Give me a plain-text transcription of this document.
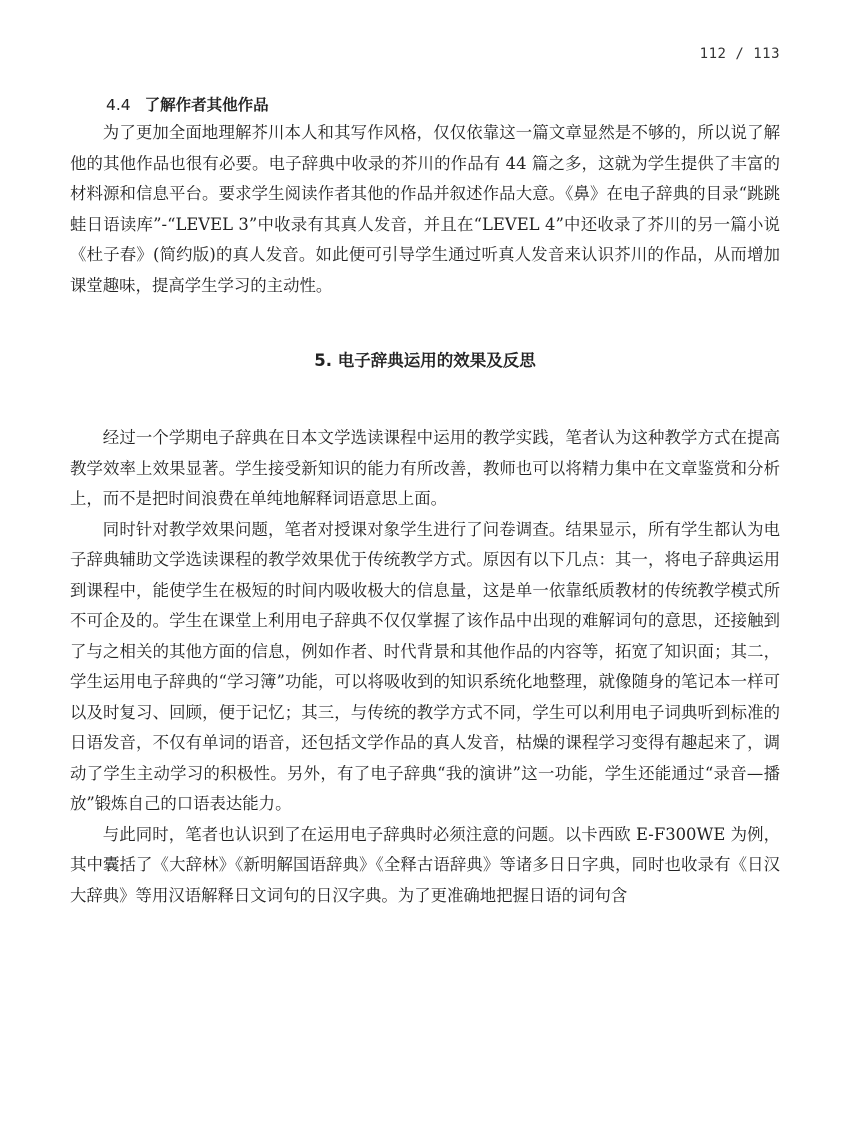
112 / 113
4.4 了解作者其他作品

为了更加全面地理解芥川本人和其写作风格，仅仅依靠这一篇文章显然是不够的，所以说了解他的其他作品也很有必要。电子辞典中收录的芥川的作品有 44 篇之多，这就为学生提供了丰富的材料源和信息平台。要求学生阅读作者其他的作品并叙述作品大意。《鼻》在电子辞典的目录“跳跳蛙日语读库”-“LEVEL 3”中收录有其真人发音，并且在“LEVEL 4”中还收录了芥川的另一篇小说《杜子春》(简约版)的真人发音。如此便可引导学生通过听真人发音来认识芥川的作品，从而增加课堂趣味，提高学生学习的主动性。

5. 电子辞典运用的效果及反思

经过一个学期电子辞典在日本文学选读课程中运用的教学实践，笔者认为这种教学方式在提高教学效率上效果显著。学生接受新知识的能力有所改善，教师也可以将精力集中在文章鉴赏和分析上，而不是把时间浪费在单纯地解释词语意思上面。

同时针对教学效果问题，笔者对授课对象学生进行了问卷调查。结果显示，所有学生都认为电子辞典辅助文学选读课程的教学效果优于传统教学方式。原因有以下几点：其一，将电子辞典运用到课程中，能使学生在极短的时间内吸收极大的信息量，这是单一依靠纸质教材的传统教学模式所不可企及的。学生在课堂上利用电子辞典不仅仅掌握了该作品中出现的难解词句的意思，还接触到了与之相关的其他方面的信息，例如作者、时代背景和其他作品的内容等，拓宽了知识面；其二，学生运用电子辞典的“学习簿”功能，可以将吸收到的知识系统化地整理，就像随身的笔记本一样可以及时复习、回顾，便于记忆；其三，与传统的教学方式不同，学生可以利用电子词典听到标准的日语发音，不仅有单词的语音，还包括文学作品的真人发音，枯燥的课程学习变得有趣起来了，调动了学生主动学习的积极性。另外，有了电子辞典“我的演讲”这一功能，学生还能通过“录音—播放”锻炼自己的口语表达能力。

与此同时，笔者也认识到了在运用电子辞典时必须注意的问题。以卡西欧 E-F300WE 为例，其中囊括了《大辞林》《新明解国语辞典》《全释古语辞典》等诸多日日字典，同时也收录有《日汉大辞典》等用汉语解释日文词句的日汉字典。为了更准确地把握日语的词句含
